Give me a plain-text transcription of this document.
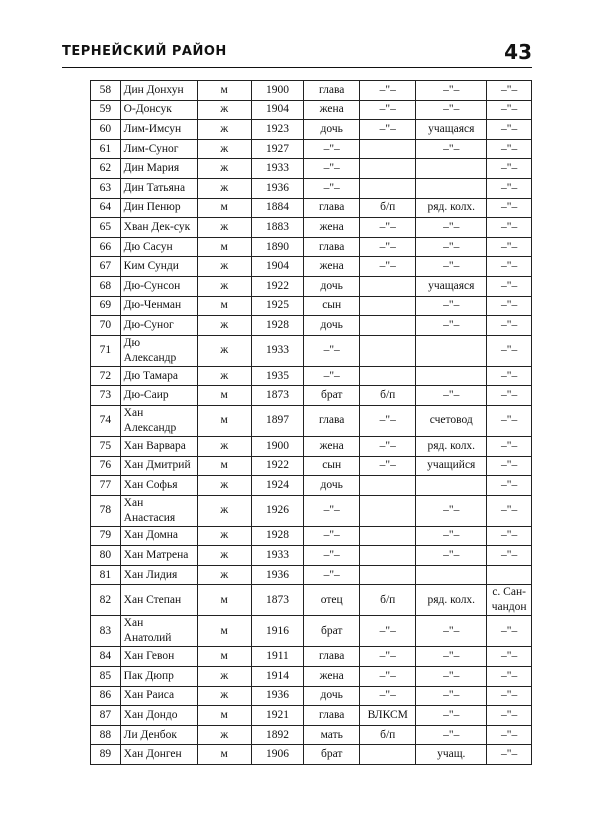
ТЕРНЕЙСКИЙ РАЙОН	43
58	Дин Донхун	м	1900	глава	–"–	–"–	–"–
59	О-Донсук	ж	1904	жена	–"–	–"–	–"–
60	Лим-Имсун	ж	1923	дочь	–"–	учащаяся	–"–
61	Лим-Суног	ж	1927	–"–		–"–	–"–
62	Дин Мария	ж	1933	–"–			–"–
63	Дин Татьяна	ж	1936	–"–			–"–
64	Дин Пенюр	м	1884	глава	б/п	ряд. колх.	–"–
65	Хван Дек-сук	ж	1883	жена	–"–	–"–	–"–
66	Дю Сасун	м	1890	глава	–"–	–"–	–"–
67	Ким Сунди	ж	1904	жена	–"–	–"–	–"–
68	Дю-Сунсон	ж	1922	дочь		учащаяся	–"–
69	Дю-Ченман	м	1925	сын		–"–	–"–
70	Дю-Суног	ж	1928	дочь		–"–	–"–
71	Дю Александр	ж	1933	–"–			–"–
72	Дю Тамара	ж	1935	–"–			–"–
73	Дю-Саир	м	1873	брат	б/п	–"–	–"–
74	Хан Александр	м	1897	глава	–"–	счетовод	–"–
75	Хан Варвара	ж	1900	жена	–"–	ряд. колх.	–"–
76	Хан Дмитрий	м	1922	сын	–"–	учащийся	–"–
77	Хан Софья	ж	1924	дочь			–"–
78	Хан Анастасия	ж	1926	–"–		–"–	–"–
79	Хан Домна	ж	1928	–"–		–"–	–"–
80	Хан Матрена	ж	1933	–"–		–"–	–"–
81	Хан Лидия	ж	1936	–"–			
82	Хан Степан	м	1873	отец	б/п	ряд. колх.	с. Сан-чандон
83	Хан Анатолий	м	1916	брат	–"–	–"–	–"–
84	Хан Гевон	м	1911	глава	–"–	–"–	–"–
85	Пак Дюпр	ж	1914	жена	–"–	–"–	–"–
86	Хан Раиса	ж	1936	дочь	–"–	–"–	–"–
87	Хан Дондо	м	1921	глава	ВЛКСМ	–"–	–"–
88	Ли Денбок	ж	1892	мать	б/п	–"–	–"–
89	Хан Донген	м	1906	брат		учащ.	–"–
